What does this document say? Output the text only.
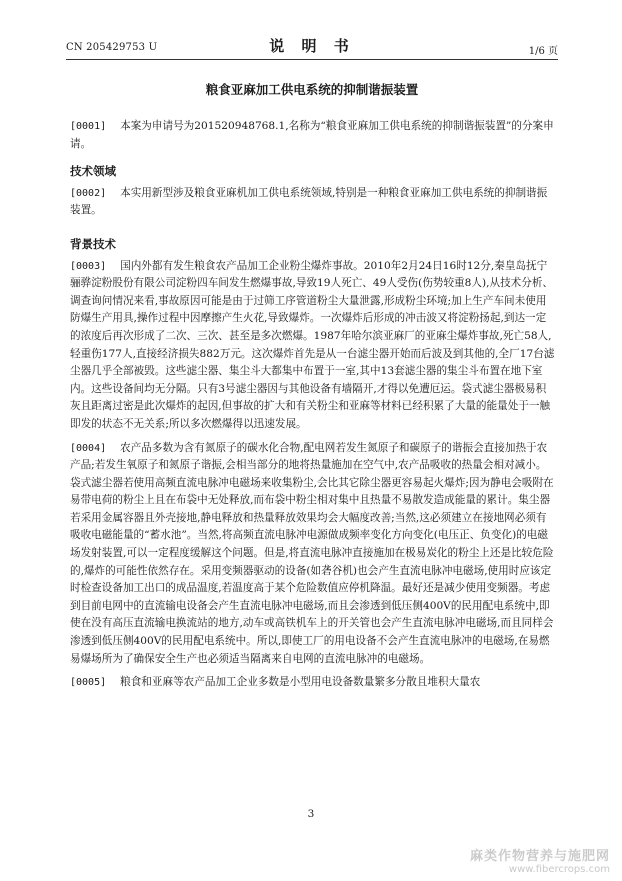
CN 205429753 U	说 明 书	1/6 页
粮食亚麻加工供电系统的抑制谐振装置

[0001] 本案为申请号为201520948768.1,名称为“粮食亚麻加工供电系统的抑制谐振装置”的分案申请。

技术领域

[0002] 本实用新型涉及粮食亚麻机加工供电系统领域,特别是一种粮食亚麻加工供电系统的抑制谐振装置。

背景技术

[0003] 国内外都有发生粮食农产品加工企业粉尘爆炸事故。2010年2月24日16时12分,秦皇岛抚宁骊骅淀粉股份有限公司淀粉四车间发生燃爆事故,导致19人死亡、49人受伤(伤势较重8人),从技术分析、调查询问情况来看,事故原因可能是由于过筛工序管道粉尘大量泄露,形成粉尘环境;加上生产车间未使用防爆生产用具,操作过程中因摩擦产生火花,导致爆炸。一次爆炸后形成的冲击波又将淀粉扬起,到达一定的浓度后再次形成了二次、三次、甚至是多次燃爆。1987年哈尔滨亚麻厂的亚麻尘爆炸事故,死亡58人,轻重伤177人,直接经济损失882万元。这次爆炸首先是从一台滤尘器开始而后波及到其他的,全厂17台滤尘器几乎全部被毁。这些滤尘器、集尘斗大都集中布置于一室,其中13套滤尘器的集尘斗布置在地下室内。这些设备间均无分隔。只有3号滤尘器因与其他设备有墙隔开,才得以免遭厄运。袋式滤尘器极易积灰且距离过密是此次爆炸的起因,但事故的扩大和有关粉尘和亚麻等材料已经积累了大量的能量处于一触即发的状态不无关系;所以多次燃爆得以迅速发展。

[0004] 农产品多数为含有氮原子的碳水化合物,配电网若发生氮原子和碳原子的谐振会直接加热于农产品;若发生氧原子和氮原子谐振,会相当部分的地将热量施加在空气中,农产品吸收的热量会相对减小。袋式滤尘器若使用高频直流电脉冲电磁场来收集粉尘,会比其它除尘器更容易起火爆炸;因为静电会吸附在易带电荷的粉尘上且在布袋中无处释放,而布袋中粉尘相对集中且热量不易散发造成能量的累计。集尘器若采用金属容器且外壳接地,静电释放和热量释放效果均会大幅度改善;当然,这必须建立在接地网必须有吸收电磁能量的“蓄水池”。当然,将高频直流电脉冲电源做成频率变化方向变化(电压正、负变化)的电磁场发射装置,可以一定程度缓解这个问题。但是,将直流电脉冲直接施加在极易炭化的粉尘上还是比较危险的,爆炸的可能性依然存在。采用变频器驱动的设备(如砻谷机)也会产生直流电脉冲电磁场,使用时应该定时检查设备加工出口的成品温度,若温度高于某个危险数值应停机降温。最好还是减少使用变频器。考虑到目前电网中的直流输电设备会产生直流电脉冲电磁场,而且会渗透到低压侧400V的民用配电系统中,即使在没有高压直流输电换流站的地方,动车或高铁机车上的开关管也会产生直流电脉冲电磁场,而且同样会渗透到低压侧400V的民用配电系统中。所以,即使工厂的用电设备不会产生直流电脉冲的电磁场,在易燃易爆场所为了确保安全生产也必须适当隔离来自电网的直流电脉冲的电磁场。

[0005] 粮食和亚麻等农产品加工企业多数是小型用电设备数量繁多分散且堆积大量农

3
麻类作物营养与施肥网
www.fibercrops.com
